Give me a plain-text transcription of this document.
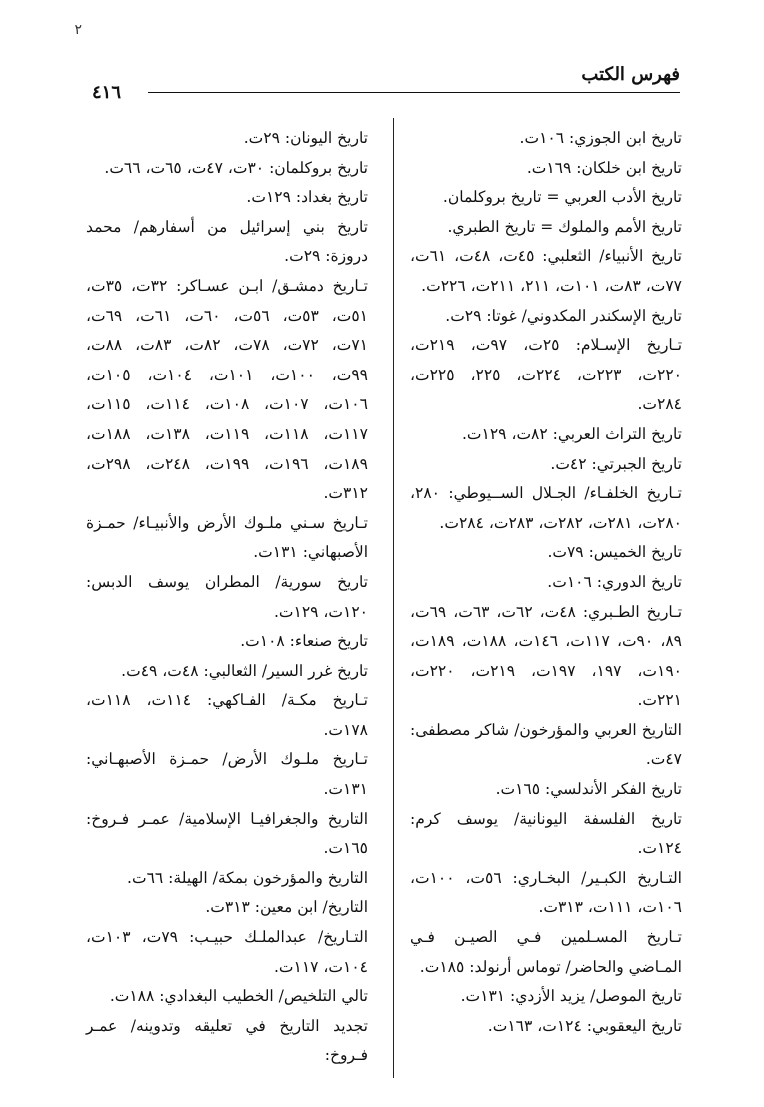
٢
فهرس الكتب
٤١٦
تاريخ ابن الجوزي: ١٠٦ت.
تاريخ ابن خلكان: ١٦٩ت.
تاريخ الأدب العربي = تاريخ بروكلمان.
تاريخ الأمم والملوك = تاريخ الطبري.
تاريخ الأنبياء/ الثعلبي: ٤٥ت، ٤٨ت، ٦١ت، ٧٧ت، ٨٣ت، ١٠١ت، ٢١١، ٢١١ت، ٢٢٦ت.
تاريخ الإسكندر المكدوني/ غوتا: ٢٩ت.
تـاريخ الإسـلام: ٢٥ت، ٩٧ت، ٢١٩ت، ٢٢٠ت، ٢٢٣ت، ٢٢٤ت، ٢٢٥، ٢٢٥ت، ٢٨٤ت.
تاريخ التراث العربي: ٨٢ت، ١٢٩ت.
تاريخ الجبرتي: ٤٢ت.
تـاريخ الخلفـاء/ الجـلال الســيوطي: ٢٨٠، ٢٨٠ت، ٢٨١ت، ٢٨٢ت، ٢٨٣ت، ٢٨٤ت.
تاريخ الخميس: ٧٩ت.
تاريخ الدوري: ١٠٦ت.
تـاريخ الطـبري: ٤٨ت، ٦٢ت، ٦٣ت، ٦٩ت، ٨٩، ٩٠ت، ١١٧ت، ١٤٦ت، ١٨٨ت، ١٨٩ت، ١٩٠ت، ١٩٧، ١٩٧ت، ٢١٩ت، ٢٢٠ت، ٢٢١ت.
التاريخ العربي والمؤرخون/ شاكر مصطفى: ٤٧ت.
تاريخ الفكر الأندلسي: ١٦٥ت.
تاريخ الفلسفة اليونانية/ يوسف كرم: ١٢٤ت.
التـاريخ الكبـير/ البخـاري: ٥٦ت، ١٠٠ت، ١٠٦ت، ١١١ت، ٣١٣ت.
تـاريخ المسـلمين فـي الصيـن فـي المـاضي والحاضر/ توماس أرنولد: ١٨٥ت.
تاريخ الموصل/ يزيد الأزدي: ١٣١ت.
تاريخ اليعقوبي: ١٢٤ت، ١٦٣ت.
تاريخ اليونان: ٢٩ت.
تاريخ بروكلمان: ٣٠ت، ٤٧ت، ٦٥ت، ٦٦ت.
تاريخ بغداد: ١٢٩ت.
تاريخ بني إسرائيل من أسفارهم/ محمد دروزة: ٢٩ت.
تـاريخ دمشـق/ ابـن عسـاكر: ٣٢ت، ٣٥ت، ٥١ت، ٥٣ت، ٥٦ت، ٦٠ت، ٦١ت، ٦٩ت، ٧١ت، ٧٢ت، ٧٨ت، ٨٢ت، ٨٣ت، ٨٨ت، ٩٩ت، ١٠٠ت، ١٠١ت، ١٠٤ت، ١٠٥ت، ١٠٦ت، ١٠٧ت، ١٠٨ت، ١١٤ت، ١١٥ت، ١١٧ت، ١١٨ت، ١١٩ت، ١٣٨ت، ١٨٨ت، ١٨٩ت، ١٩٦ت، ١٩٩ت، ٢٤٨ت، ٢٩٨ت، ٣١٢ت.
تـاريخ سـني ملـوك الأرض والأنبيـاء/ حمـزة الأصبهاني: ١٣١ت.
تاريخ سورية/ المطران يوسف الدبس: ١٢٠ت، ١٢٩ت.
تاريخ صنعاء: ١٠٨ت.
تاريخ غرر السير/ الثعالبي: ٤٨ت، ٤٩ت.
تـاريخ مكـة/ الفـاكهي: ١١٤ت، ١١٨ت، ١٧٨ت.
تـاريخ ملـوك الأرض/ حمـزة الأصبهـاني: ١٣١ت.
التاريخ والجغرافيـا الإسلامية/ عمـر فـروخ: ١٦٥ت.
التاريخ والمؤرخون بمكة/ الهيلة: ٦٦ت.
التاريخ/ ابن معين: ٣١٣ت.
التـاريخ/ عبدالملـك حبيـب: ٧٩ت، ١٠٣ت، ١٠٤ت، ١١٧ت.
تالي التلخيص/ الخطيب البغدادي: ١٨٨ت.
تجديد التاريخ في تعليقه وتدوينه/ عمـر فـروخ:
